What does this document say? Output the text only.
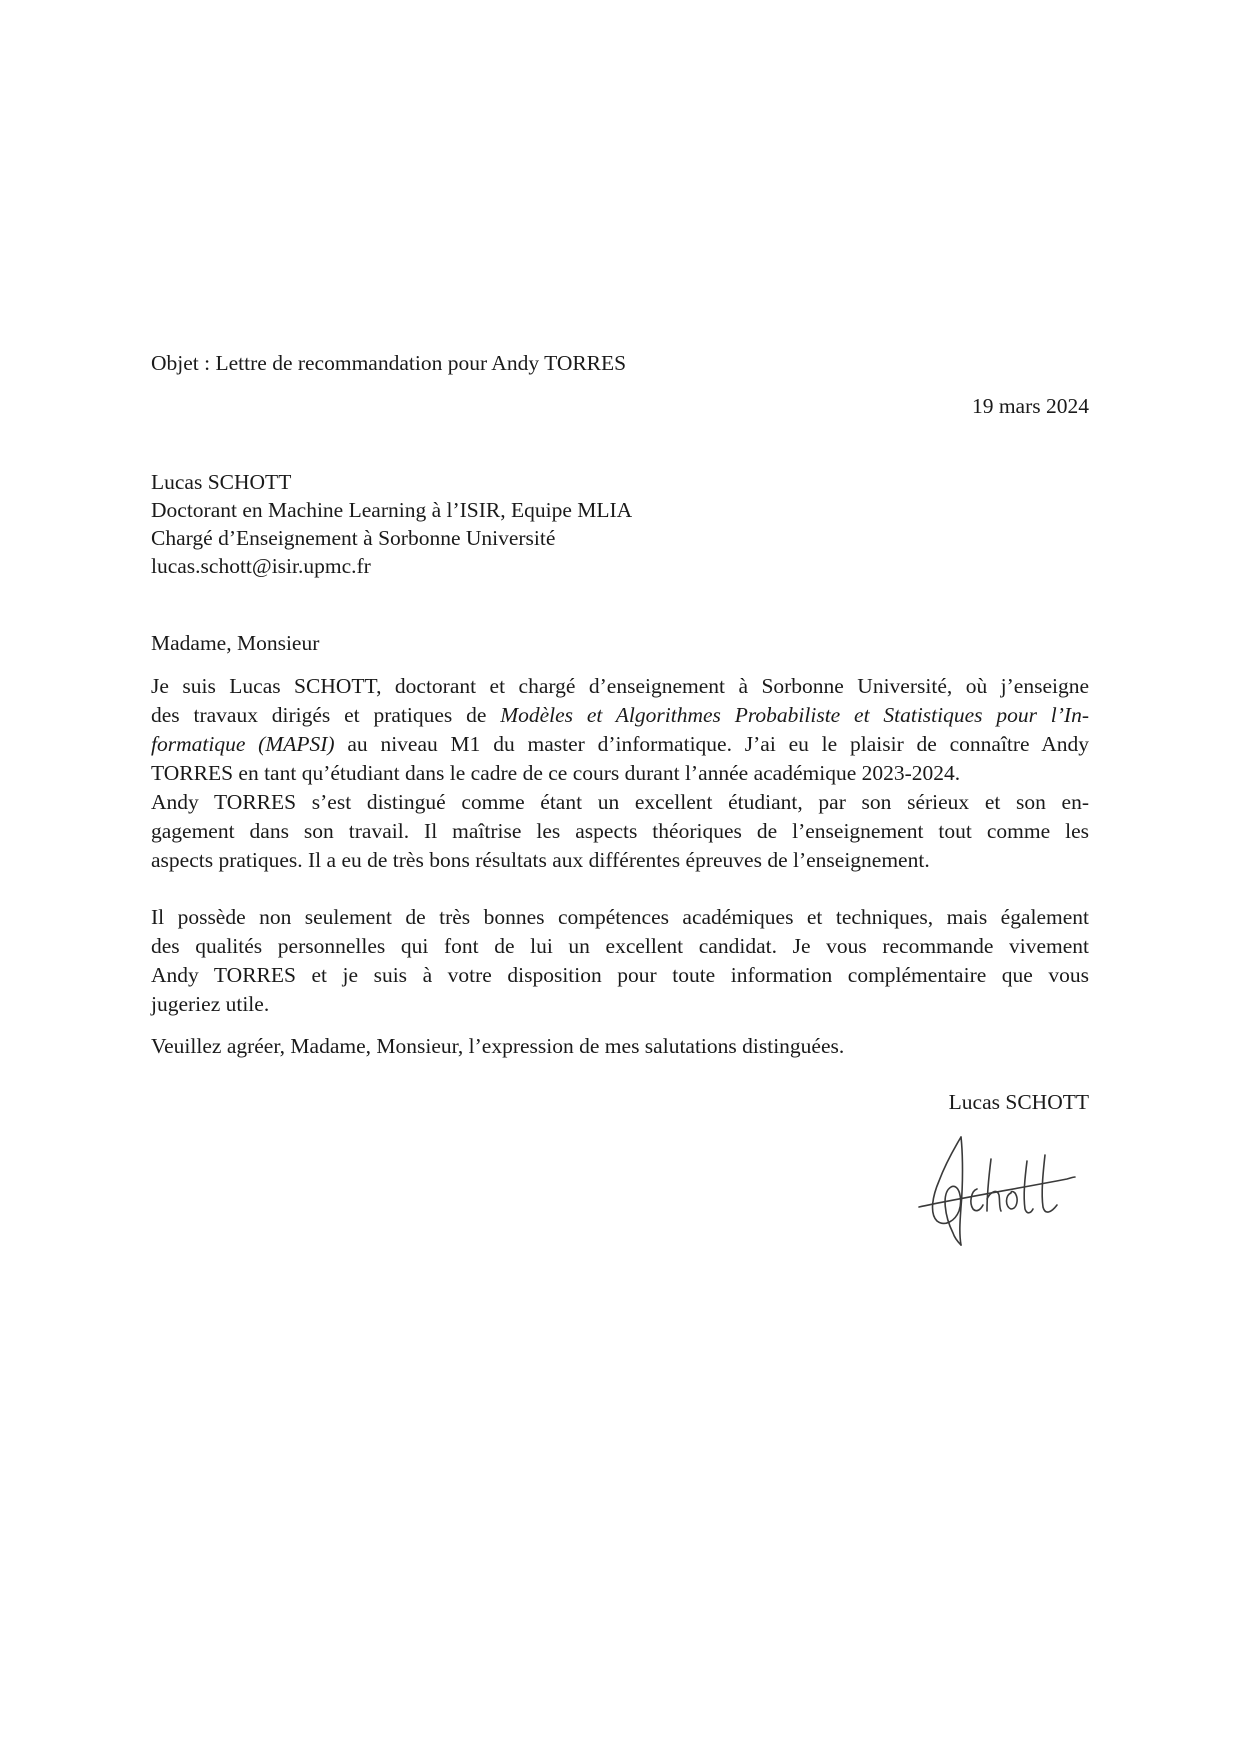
Objet : Lettre de recommandation pour Andy TORRES
19 mars 2024
Lucas SCHOTT
Doctorant en Machine Learning à l’ISIR, Equipe MLIA
Chargé d’Enseignement à Sorbonne Université
lucas.schott@isir.upmc.fr
Madame, Monsieur
Je suis Lucas SCHOTT, doctorant et chargé d’enseignement à Sorbonne Université, où j’enseigne
des travaux dirigés et pratiques de Modèles et Algorithmes Probabiliste et Statistiques pour l’In-
formatique (MAPSI) au niveau M1 du master d’informatique. J’ai eu le plaisir de connaître Andy
TORRES en tant qu’étudiant dans le cadre de ce cours durant l’année académique 2023-2024.
Andy TORRES s’est distingué comme étant un excellent étudiant, par son sérieux et son en-
gagement dans son travail. Il maîtrise les aspects théoriques de l’enseignement tout comme les
aspects pratiques. Il a eu de très bons résultats aux différentes épreuves de l’enseignement.
Il possède non seulement de très bonnes compétences académiques et techniques, mais également
des qualités personnelles qui font de lui un excellent candidat. Je vous recommande vivement
Andy TORRES et je suis à votre disposition pour toute information complémentaire que vous
jugeriez utile.
Veuillez agréer, Madame, Monsieur, l’expression de mes salutations distinguées.
Lucas SCHOTT
